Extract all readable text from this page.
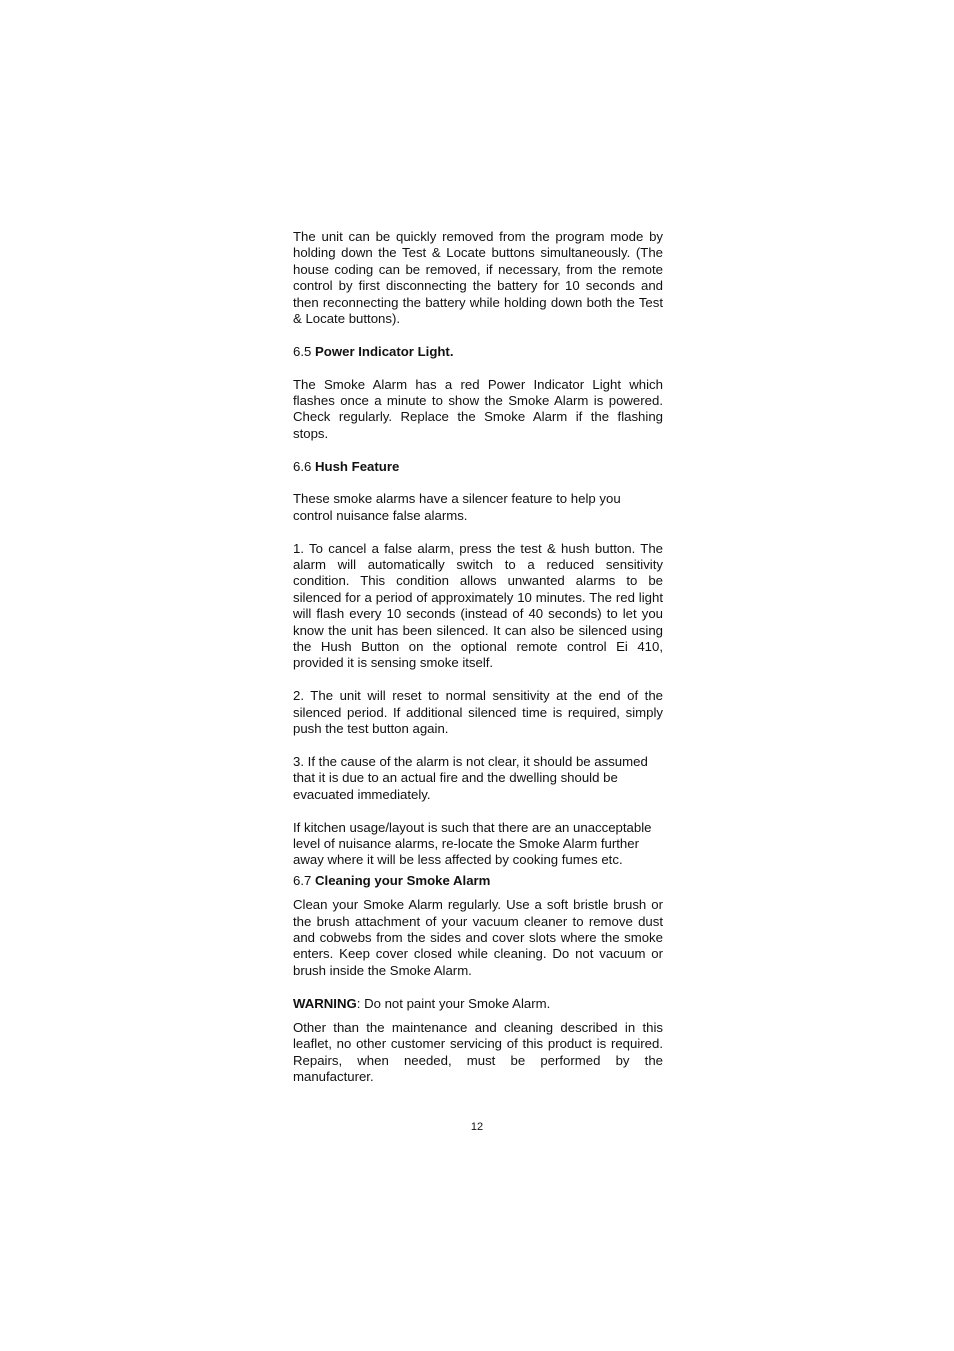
The unit can be quickly removed from the program mode by holding down the Test & Locate buttons simultaneously. (The house coding can be removed, if necessary, from the remote control by first disconnecting the battery for 10 seconds and then reconnecting the battery while holding down both the Test & Locate buttons).

6.5 Power Indicator Light.

The Smoke Alarm has a red Power Indicator Light which flashes once a minute to show the Smoke Alarm is powered. Check regularly. Replace the Smoke Alarm if the flashing stops.

6.6 Hush Feature

These smoke alarms have a silencer feature to help you control nuisance false alarms.

1. To cancel a false alarm, press the test & hush button. The alarm will automatically switch to a reduced sensitivity condition. This condition allows unwanted alarms to be silenced for a period of approximately 10 minutes. The red light will flash every 10 seconds (instead of 40 seconds) to let you know the unit has been silenced. It can also be silenced using the Hush Button on the optional remote control Ei 410, provided it is sensing smoke itself.

2. The unit will reset to normal sensitivity at the end of the silenced period. If additional silenced time is required, simply push the test button again.

3. If the cause of the alarm is not clear, it should be assumed that it is due to an actual fire and the dwelling should be evacuated immediately.

If kitchen usage/layout is such that there are an unacceptable level of nuisance alarms, re-locate the Smoke Alarm further away where it will be less affected by cooking fumes etc.

6.7 Cleaning your Smoke Alarm

Clean your Smoke Alarm regularly. Use a soft bristle brush or the brush attachment of your vacuum cleaner to remove dust and cobwebs from the sides and cover slots where the smoke enters. Keep cover closed while cleaning. Do not vacuum or brush inside the Smoke Alarm.

WARNING: Do not paint your Smoke Alarm.

Other than the maintenance and cleaning described in this leaflet, no other customer servicing of this product is required. Repairs, when needed, must be performed by the manufacturer.

12
